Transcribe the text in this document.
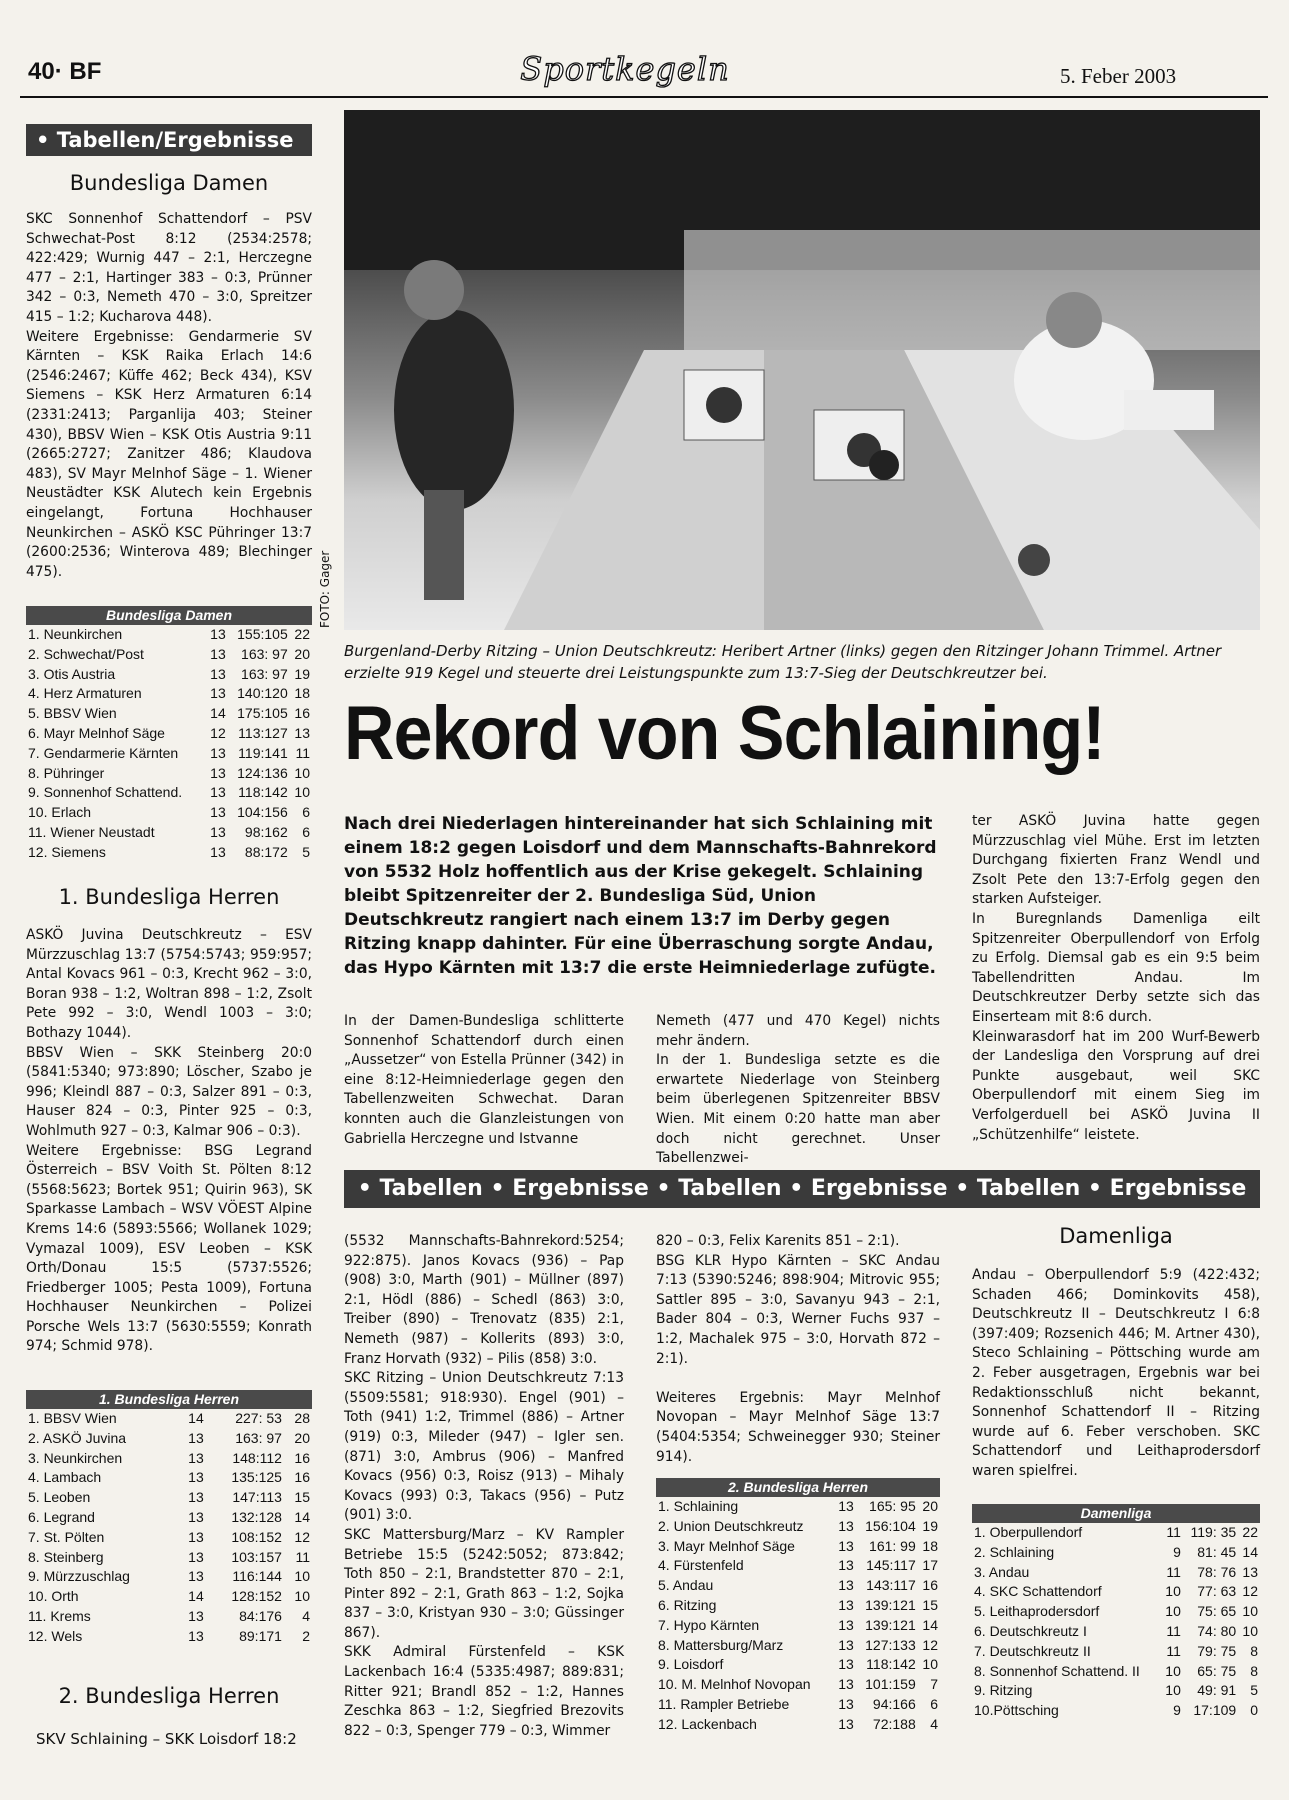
40· BF	Sportkegeln	5. Feber 2003
• Tabellen/Ergebnisse
Bundesliga Damen
SKC Sonnenhof Schattendorf – PSV Schwechat-Post 8:12 (2534:2578; 422:429; Wurnig 447 – 2:1, Herczegne 477 – 2:1, Hartinger 383 – 0:3, Prünner 342 – 0:3, Nemeth 470 – 3:0, Spreitzer 415 – 1:2; Kucharova 448).
Weitere Ergebnisse: Gendarmerie SV Kärnten – KSK Raika Erlach 14:6 (2546:2467; Küffe 462; Beck 434), KSV Siemens – KSK Herz Armaturen 6:14 (2331:2413; Parganlija 403; Steiner 430), BBSV Wien – KSK Otis Austria 9:11 (2665:2727; Zanitzer 486; Klaudova 483), SV Mayr Melnhof Säge – 1. Wiener Neustädter KSK Alutech kein Ergebnis eingelangt, Fortuna Hochhauser Neunkirchen – ASKÖ KSC Pühringer 13:7 (2600:2536; Winterova 489; Blechinger 475).
Bundesliga Damen
1. Neunkirchen	13	155:105	22
2. Schwechat/Post	13	163: 97	20
3. Otis Austria	13	163: 97	19
4. Herz Armaturen	13	140:120	18
5. BBSV Wien	14	175:105	16
6. Mayr Melnhof Säge	12	113:127	13
7. Gendarmerie Kärnten	13	119:141	11
8. Pühringer	13	124:136	10
9. Sonnenhof Schattend.	13	118:142	10
10. Erlach	13	104:156	6
11. Wiener Neustadt	13	98:162	6
12. Siemens	13	88:172	5
1. Bundesliga Herren
ASKÖ Juvina Deutschkreutz – ESV Mürzzuschlag 13:7 (5754:5743; 959:957; Antal Kovacs 961 – 0:3, Krecht 962 – 3:0, Boran 938 – 1:2, Woltran 898 – 1:2, Zsolt Pete 992 – 3:0, Wendl 1003 – 3:0; Bothazy 1044).
BBSV Wien – SKK Steinberg 20:0 (5841:5340; 973:890; Löscher, Szabo je 996; Kleindl 887 – 0:3, Salzer 891 – 0:3, Hauser 824 – 0:3, Pinter 925 – 0:3, Wohlmuth 927 – 0:3, Kalmar 906 – 0:3).
Weitere Ergebnisse: BSG Legrand Österreich – BSV Voith St. Pölten 8:12 (5568:5623; Bortek 951; Quirin 963), SK Sparkasse Lambach – WSV VÖEST Alpine Krems 14:6 (5893:5566; Wollanek 1029; Vymazal 1009), ESV Leoben – KSK Orth/Donau 15:5 (5737:5526; Friedberger 1005; Pesta 1009), Fortuna Hochhauser Neunkirchen – Polizei Porsche Wels 13:7 (5630:5559; Konrath 974; Schmid 978).
1. Bundesliga Herren
1. BBSV Wien	14	227: 53	28
2. ASKÖ Juvina	13	163: 97	20
3. Neunkirchen	13	148:112	16
4. Lambach	13	135:125	16
5. Leoben	13	147:113	15
6. Legrand	13	132:128	14
7. St. Pölten	13	108:152	12
8. Steinberg	13	103:157	11
9. Mürzzuschlag	13	116:144	10
10. Orth	14	128:152	10
11. Krems	13	84:176	4
12. Wels	13	89:171	2
2. Bundesliga Herren
SKV Schlaining – SKK Loisdorf 18:2
FOTO: Gager
Burgenland-Derby Ritzing – Union Deutschkreutz: Heribert Artner (links) gegen den Ritzinger Johann Trimmel. Artner erzielte 919 Kegel und steuerte drei Leistungspunkte zum 13:7-Sieg der Deutschkreutzer bei.
Rekord von Schlaining!
Nach drei Niederlagen hintereinander hat sich Schlaining mit einem 18:2 gegen Loisdorf und dem Mannschafts-Bahnrekord von 5532 Holz hoffentlich aus der Krise gekegelt. Schlaining bleibt Spitzenreiter der 2. Bundesliga Süd, Union Deutschkreutz rangiert nach einem 13:7 im Derby gegen Ritzing knapp dahinter. Für eine Überraschung sorgte Andau, das Hypo Kärnten mit 13:7 die erste Heimniederlage zufügte.
In der Damen-Bundesliga schlitterte Sonnenhof Schattendorf durch einen „Aussetzer“ von Estella Prünner (342) in eine 8:12-Heimniederlage gegen den Tabellenzweiten Schwechat. Daran konnten auch die Glanzleistungen von Gabriella Herczegne und Istvanne
Nemeth (477 und 470 Kegel) nichts mehr ändern.
In der 1. Bundesliga setzte es die erwartete Niederlage von Steinberg beim überlegenen Spitzenreiter BBSV Wien. Mit einem 0:20 hatte man aber doch nicht gerechnet. Unser Tabellenzwei-
ter ASKÖ Juvina hatte gegen Mürzzuschlag viel Mühe. Erst im letzten Durchgang fixierten Franz Wendl und Zsolt Pete den 13:7-Erfolg gegen den starken Aufsteiger.
In Buregnlands Damenliga eilt Spitzenreiter Oberpullendorf von Erfolg zu Erfolg. Diemsal gab es ein 9:5 beim Tabellendritten Andau. Im Deutschkreutzer Derby setzte sich das Einserteam mit 8:6 durch.
Kleinwarasdorf hat im 200 Wurf-Bewerb der Landesliga den Vorsprung auf drei Punkte ausgebaut, weil SKC Oberpullendorf mit einem Sieg im Verfolgerduell bei ASKÖ Juvina II „Schützenhilfe“ leistete.
• Tabellen • Ergebnisse • Tabellen • Ergebnisse • Tabellen • Ergebnisse
(5532 Mannschafts-Bahnrekord:5254; 922:875). Janos Kovacs (936) – Pap (908) 3:0, Marth (901) – Müllner (897) 2:1, Hödl (886) – Schedl (863) 3:0, Treiber (890) – Trenovatz (835) 2:1, Nemeth (987) – Kollerits (893) 3:0, Franz Horvath (932) – Pilis (858) 3:0.
SKC Ritzing – Union Deutschkreutz 7:13 (5509:5581; 918:930). Engel (901) – Toth (941) 1:2, Trimmel (886) – Artner (919) 0:3, Mileder (947) – Igler sen. (871) 3:0, Ambrus (906) – Manfred Kovacs (956) 0:3, Roisz (913) – Mihaly Kovacs (993) 0:3, Takacs (956) – Putz (901) 3:0.
SKC Mattersburg/Marz – KV Rampler Betriebe 15:5 (5242:5052; 873:842; Toth 850 – 2:1, Brandstetter 870 – 2:1, Pinter 892 – 2:1, Grath 863 – 1:2, Sojka 837 – 3:0, Kristyan 930 – 3:0; Güssinger 867).
SKK Admiral Fürstenfeld – KSK Lackenbach 16:4 (5335:4987; 889:831; Ritter 921; Brandl 852 – 1:2, Hannes Zeschka 863 – 1:2, Siegfried Brezovits 822 – 0:3, Spenger 779 – 0:3, Wimmer
820 – 0:3, Felix Karenits 851 – 2:1).
BSG KLR Hypo Kärnten – SKC Andau 7:13 (5390:5246; 898:904; Mitrovic 955; Sattler 895 – 3:0, Savanyu 943 – 2:1, Bader 804 – 0:3, Werner Fuchs 937 – 1:2, Machalek 975 – 3:0, Horvath 872 – 2:1).

Weiteres Ergebnis: Mayr Melnhof Novopan – Mayr Melnhof Säge 13:7 (5404:5354; Schweinegger 930; Steiner 914).
2. Bundesliga Herren
1. Schlaining	13	165: 95	20
2. Union Deutschkreutz	13	156:104	19
3. Mayr Melnhof Säge	13	161: 99	18
4. Fürstenfeld	13	145:117	17
5. Andau	13	143:117	16
6. Ritzing	13	139:121	15
7. Hypo Kärnten	13	139:121	14
8. Mattersburg/Marz	13	127:133	12
9. Loisdorf	13	118:142	10
10. M. Melnhof Novopan	13	101:159	7
11. Rampler Betriebe	13	94:166	6
12. Lackenbach	13	72:188	4
Damenliga
Andau – Oberpullendorf 5:9 (422:432; Schaden 466; Dominkovits 458), Deutschkreutz II – Deutschkreutz I 6:8 (397:409; Rozsenich 446; M. Artner 430), Steco Schlaining – Pöttsching wurde am 2. Feber ausgetragen, Ergebnis war bei Redaktionsschluß nicht bekannt, Sonnenhof Schattendorf II – Ritzing wurde auf 6. Feber verschoben. SKC Schattendorf und Leithaprodersdorf waren spielfrei.
Damenliga
1. Oberpullendorf	11	119: 35	22
2. Schlaining	9	81: 45	14
3. Andau	11	78: 76	13
4. SKC Schattendorf	10	77: 63	12
5. Leithaprodersdorf	10	75: 65	10
6. Deutschkreutz I	11	74: 80	10
7. Deutschkreutz II	11	79: 75	8
8. Sonnenhof Schattend. II	10	65: 75	8
9. Ritzing	10	49: 91	5
10.Pöttsching	9	17:109	0
